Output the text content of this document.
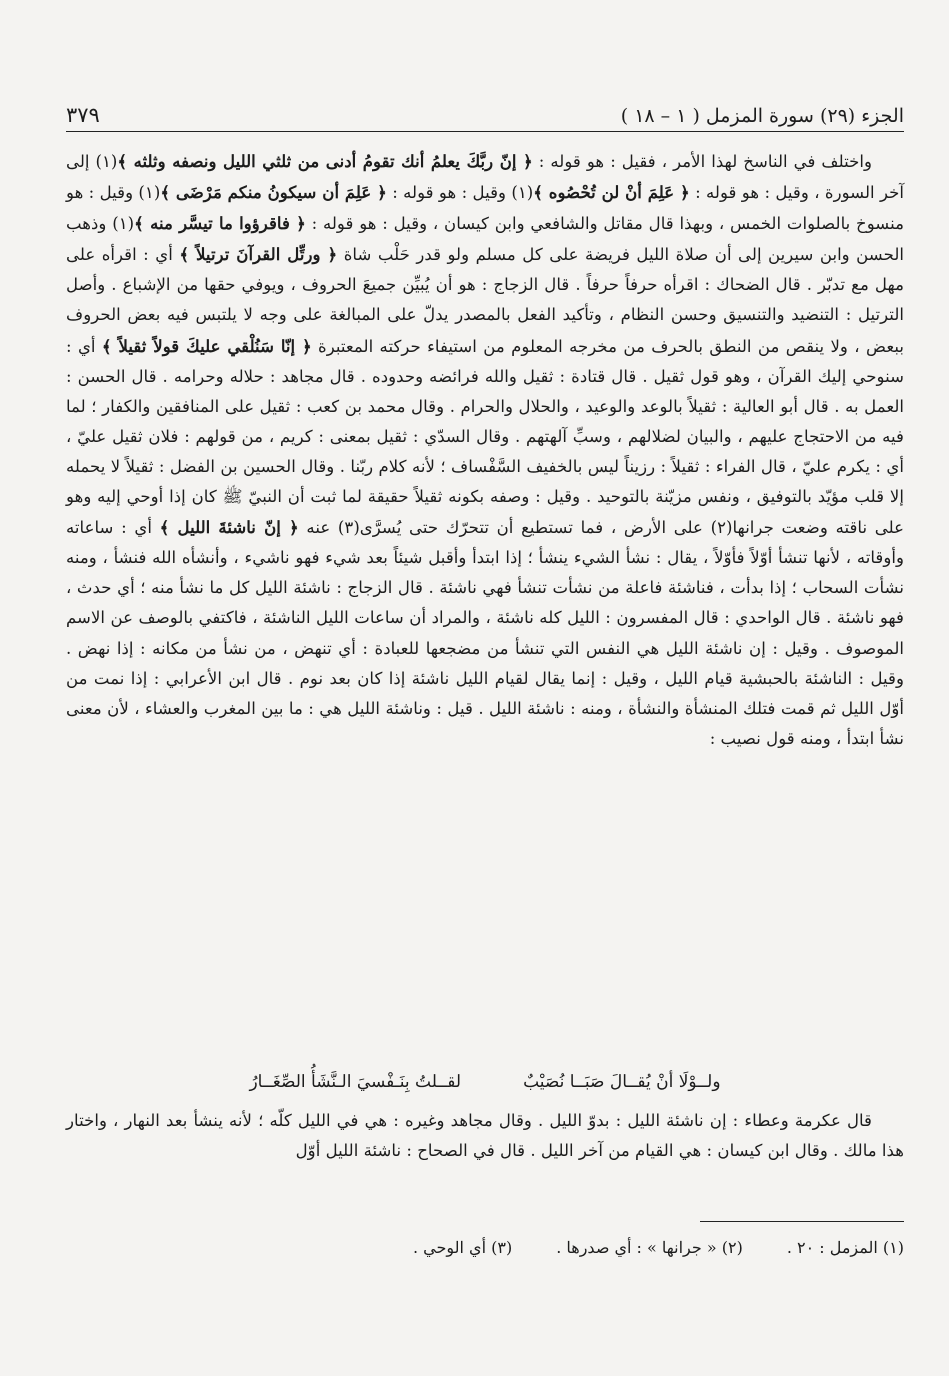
الجزء (٢٩) سورة المزمل ( ١ – ١٨ )
٣٧٩

واختلف في الناسخ لهذا الأمر ، فقيل : هو قوله : ﴿ إنّ ربَّكَ يعلمُ أنك تقومُ أدنى من ثلثي الليل ونصفه وثلثه ﴾(١) إلى آخر السورة ، وقيل : هو قوله : ﴿ عَلِمَ أنْ لن تُحْصُوه ﴾(١) وقيل : هو قوله : ﴿ عَلِمَ أن سيكونُ منكم مَرْضَى ﴾(١) وقيل : هو منسوخ بالصلوات الخمس ، وبهذا قال مقاتل والشافعي وابن كيسان ، وقيل : هو قوله : ﴿ فاقرؤوا ما تيسَّر منه ﴾(١) وذهب الحسن وابن سيرين إلى أن صلاة الليل فريضة على كل مسلم ولو قدر حَلْب شاة ﴿ ورتِّل القرآنَ ترتيلاً ﴾ أي : اقرأه على مهل مع تدبّر . قال الضحاك : اقرأه حرفاً حرفاً . قال الزجاج : هو أن يُبيِّن جميعَ الحروف ، ويوفي حقها من الإشباع . وأصل الترتيل : التنضيد والتنسيق وحسن النظام ، وتأكيد الفعل بالمصدر يدلّ على المبالغة على وجه لا يلتبس فيه بعض الحروف ببعض ، ولا ينقص من النطق بالحرف من مخرجه المعلوم من استيفاء حركته المعتبرة ﴿ إنّا سَنُلْقي عليكَ قولاً ثقيلاً ﴾ أي : سنوحي إليك القرآن ، وهو قول ثقيل . قال قتادة : ثقيل والله فرائضه وحدوده . قال مجاهد : حلاله وحرامه . قال الحسن : العمل به . قال أبو العالية : ثقيلاً بالوعد والوعيد ، والحلال والحرام . وقال محمد بن كعب : ثقيل على المنافقين والكفار ؛ لما فيه من الاحتجاج عليهم ، والبيان لضلالهم ، وسبِّ آلهتهم . وقال السدّي : ثقيل بمعنى : كريم ، من قولهم : فلان ثقيل عليّ ، أي : يكرم عليّ ، قال الفراء : ثقيلاً : رزيناً ليس بالخفيف السَّفْساف ؛ لأنه كلام ربّنا . وقال الحسين بن الفضل : ثقيلاً لا يحمله إلا قلب مؤيّد بالتوفيق ، ونفس مزيّنة بالتوحيد . وقيل : وصفه بكونه ثقيلاً حقيقة لما ثبت أن النبيّ ﷺ كان إذا أوحي إليه وهو على ناقته وضعت جرانها(٢) على الأرض ، فما تستطيع أن تتحرّك حتى يُسرَّى(٣) عنه ﴿ إنّ ناشئةَ الليل ﴾ أي : ساعاته وأوقاته ، لأنها تنشأ أوّلاً فأوّلاً ، يقال : نشأ الشيء ينشأ ؛ إذا ابتدأ وأقبل شيئاً بعد شيء فهو ناشيء ، وأنشأه الله فنشأ ، ومنه نشأت السحاب ؛ إذا بدأت ، فناشئة فاعلة من نشأت تنشأ فهي ناشئة . قال الزجاج : ناشئة الليل كل ما نشأ منه ؛ أي حدث ، فهو ناشئة . قال الواحدي : قال المفسرون : الليل كله ناشئة ، والمراد أن ساعات الليل الناشئة ، فاكتفي بالوصف عن الاسم الموصوف . وقيل : إن ناشئة الليل هي النفس التي تنشأ من مضجعها للعبادة : أي تنهض ، من نشأ من مكانه : إذا نهض . وقيل : الناشئة بالحبشية قيام الليل ، وقيل : إنما يقال لقيام الليل ناشئة إذا كان بعد نوم . قال ابن الأعرابي : إذا نمت من أوّل الليل ثم قمت فتلك المنشأة والنشأة ، ومنه : ناشئة الليل . قيل : وناشئة الليل هي : ما بين المغرب والعشاء ، لأن معنى نشأ ابتدأ ، ومنه قول نصيب :

ولــوْلَا أنْ يُقــالَ صَبَــا نُصَيْبٌ
لقــلتُ بِنَـفْسيَ الـنَّشَأُ الصِّغَــارُ

قال عكرمة وعطاء : إن ناشئة الليل : بدوّ الليل . وقال مجاهد وغيره : هي في الليل كلّه ؛ لأنه ينشأ بعد النهار ، واختار هذا مالك . وقال ابن كيسان : هي القيام من آخر الليل . قال في الصحاح : ناشئة الليل أوّل

(١) المزمل : ٢٠ .
(٢) « جرانها » : أي صدرها .
(٣) أي الوحي .
